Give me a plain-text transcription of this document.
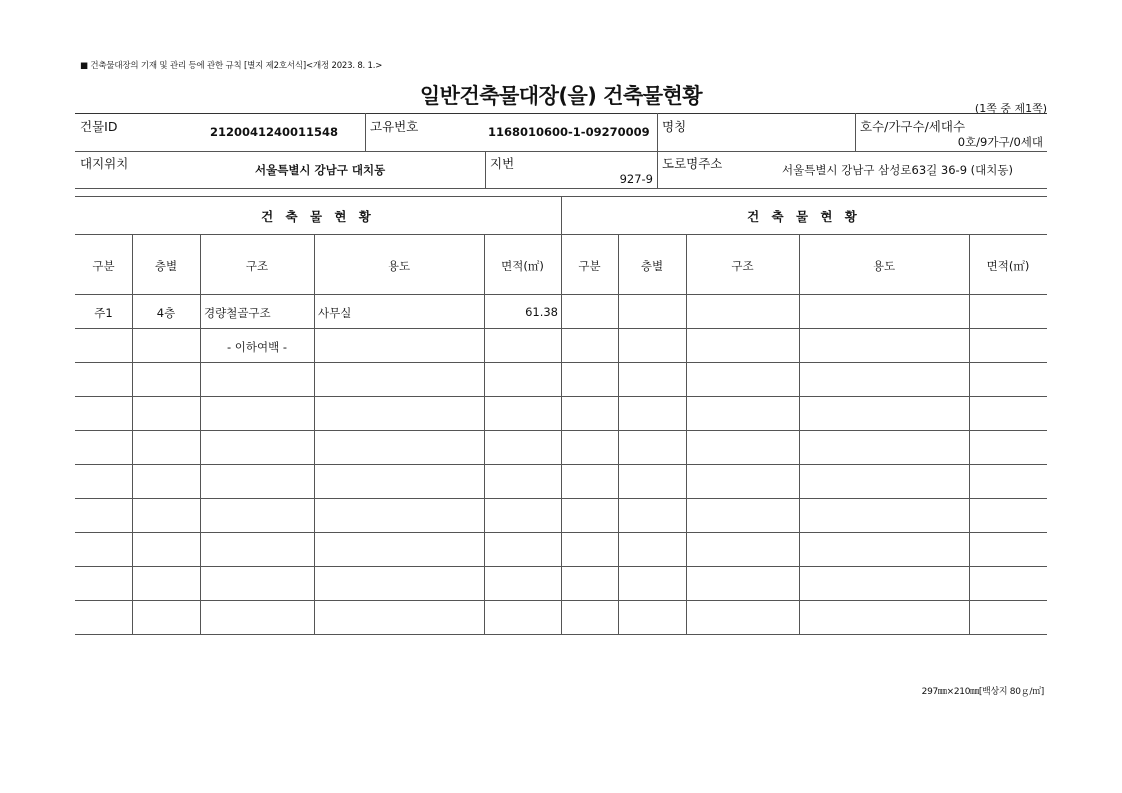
■ 건축물대장의 기재 및 관리 등에 관한 규칙 [별지 제2호서식]<개정 2023. 8. 1.>
일반건축물대장(을) 건축물현황
(1쪽 중 제1쪽)
건물ID	2120041240011548	고유번호	1168010600-1-09270009 명칭	호수/가구수/세대수
0호/9가구/0세대
대지위치	서울특별시 강남구 대치동	지번
927-9
도로명주소	서울특별시 강남구 삼성로63길 36-9 (대치동)
건 축 물 현 황	건 축 물 현 황
구분	층별	구조	용도	면적(㎡)	구분	층별	구조	용도	면적(㎡)
주1	4층	경량철골구조	사무실	61.38
- 이하여백 -
297㎜×210㎜[백상지 80ｇ/㎡]
